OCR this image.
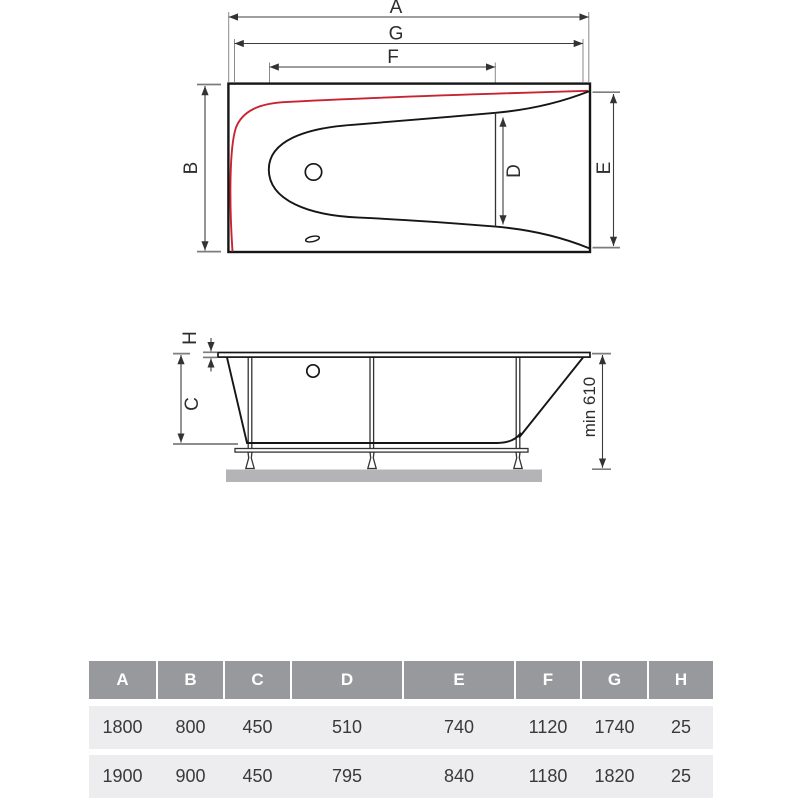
A
G
F
B	D	E
H
C	min 610
A	B	C	D	E	F	G	H
1800	800	450	510	740	1120	1740	25
1900	900	450	795	840	1180	1820	25
